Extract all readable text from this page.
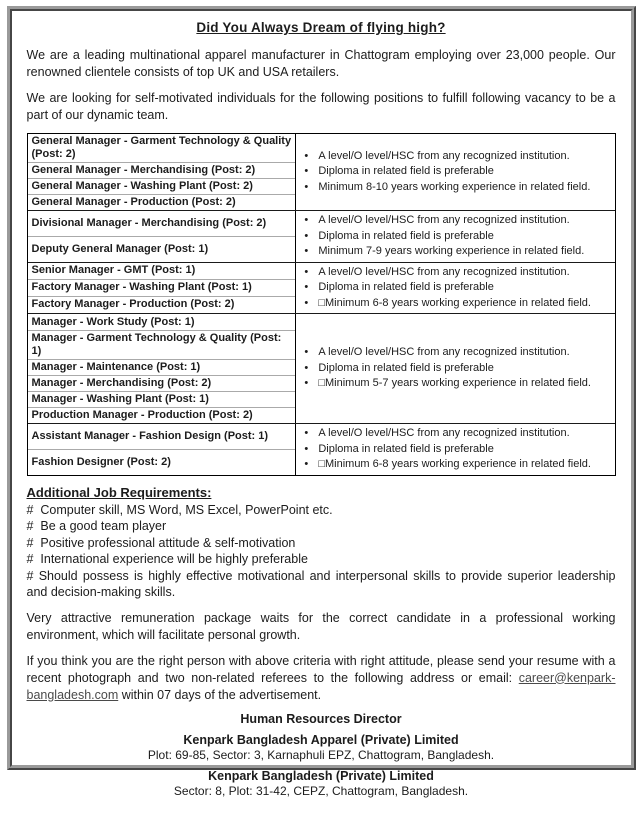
Did You Always Dream of flying high?

We are a leading multinational apparel manufacturer in Chattogram employing over 23,000 people. Our renowned clientele consists of top UK and USA retailers.

We are looking for self-motivated individuals for the following positions to fulfill following vacancy to be a part of our dynamic team.

General Manager - Garment Technology & Quality (Post: 2)
General Manager - Merchandising (Post: 2)
General Manager - Washing Plant (Post: 2)
General Manager - Production (Post: 2)
•
A level/O level/HSC from any recognized institution.
•
Diploma in related field is preferable
•
Minimum 8-10 years working experience in related field.
Divisional Manager - Merchandising (Post: 2)
Deputy General Manager (Post: 1)
•
A level/O level/HSC from any recognized institution.
•
Diploma in related field is preferable
•
Minimum 7-9 years working experience in related field.
Senior Manager - GMT (Post: 1)
Factory Manager - Washing Plant (Post: 1)
Factory Manager - Production (Post: 2)
•
A level/O level/HSC from any recognized institution.
•
Diploma in related field is preferable
•
□Minimum 6-8 years working experience in related field.
Manager - Work Study (Post: 1)
Manager - Garment Technology & Quality (Post: 1)
Manager - Maintenance (Post: 1)
Manager - Merchandising (Post: 2)
Manager - Washing Plant (Post: 1)
Production Manager - Production (Post: 2)
•
A level/O level/HSC from any recognized institution.
•
Diploma in related field is preferable
•
□Minimum 5-7 years working experience in related field.
Assistant Manager - Fashion Design (Post: 1)
Fashion Designer (Post: 2)
•
A level/O level/HSC from any recognized institution.
•
Diploma in related field is preferable
•
□Minimum 6-8 years working experience in related field.
Additional Job Requirements:
#  Computer skill, MS Word, MS Excel, PowerPoint etc.
#  Be a good team player
#  Positive professional attitude & self-motivation
#  International experience will be highly preferable
# Should possess is highly effective motivational and interpersonal skills to provide superior leadership and decision-making skills.

Very attractive remuneration package waits for the correct candidate in a professional working environment, which will facilitate personal growth.

If you think you are the right person with above criteria with right attitude, please send your resume with a recent photograph and two non-related referees to the following address or email: career@kenpark-bangladesh.com within 07 days of the advertisement.

Human Resources Director
Kenpark Bangladesh Apparel (Private) Limited
Plot: 69-85, Sector: 3, Karnaphuli EPZ, Chattogram, Bangladesh.
Kenpark Bangladesh (Private) Limited
Sector: 8, Plot: 31-42, CEPZ, Chattogram, Bangladesh.
